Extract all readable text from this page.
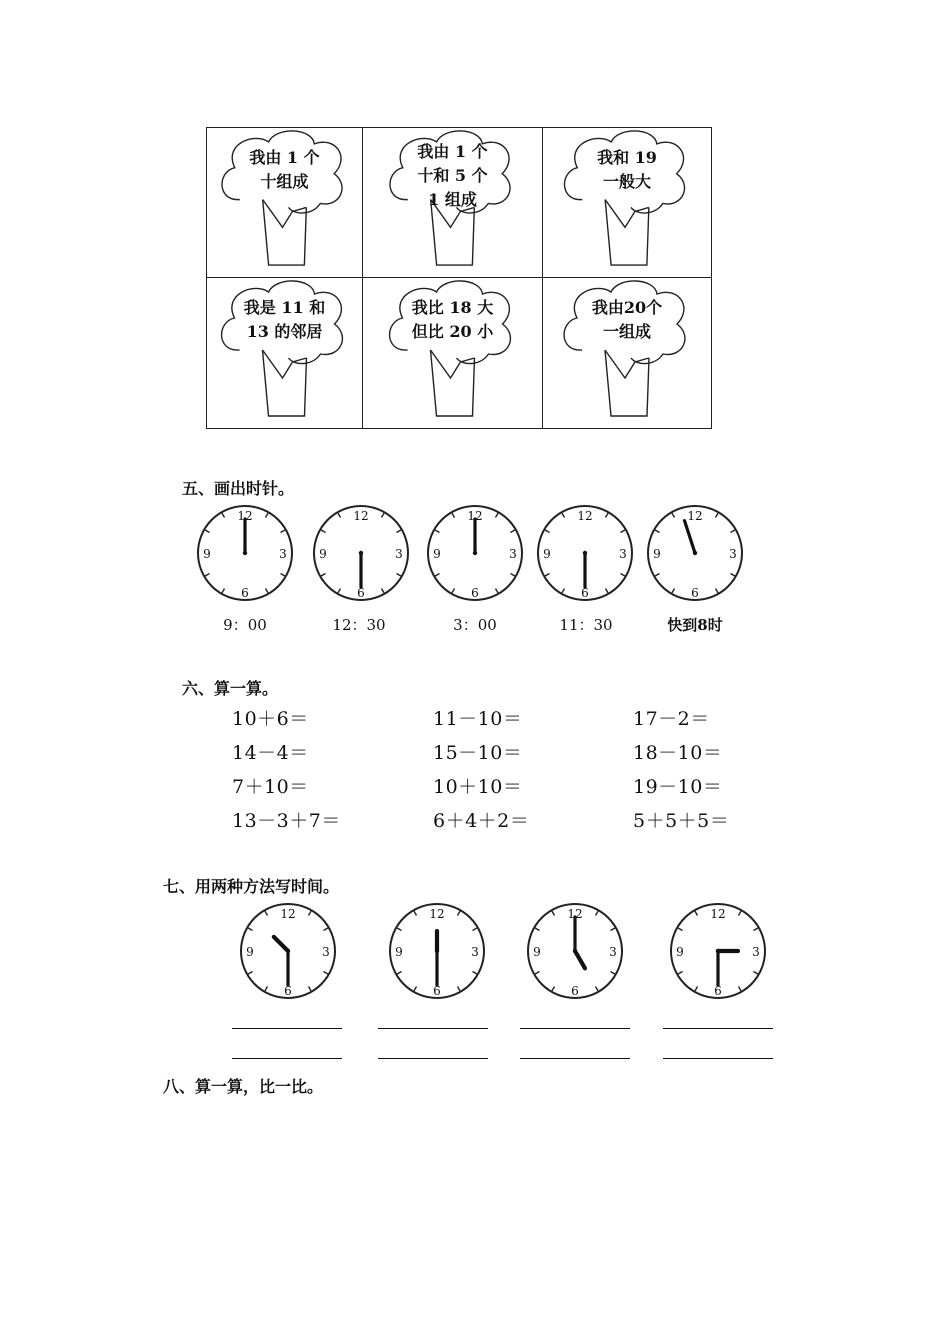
我由 1 个
十组成
我由 1 个
十和 5 个
1 组成
我和 19
一般大
我是 11 和
13 的邻居
我比 18 大
但比 20 小
我由20个
一组成
五、画出时针。
12
3
6
9
12
3
6
9
12
3
6
9
12
3
6
9
12
3
6
9
9：00	12：30	3：00	11：30	快到8时
六、算一算。
10＋6＝	11－10＝	17－2＝
14－4＝	15－10＝	18－10＝
7＋10＝	10＋10＝	19－10＝
13－3＋7＝	6＋4＋2＝	5＋5＋5＝
七、用两种方法写时间。
12
3
6
9
12
3
6
9
12
3
6
9
12
3
6
9
八、算一算，比一比。
